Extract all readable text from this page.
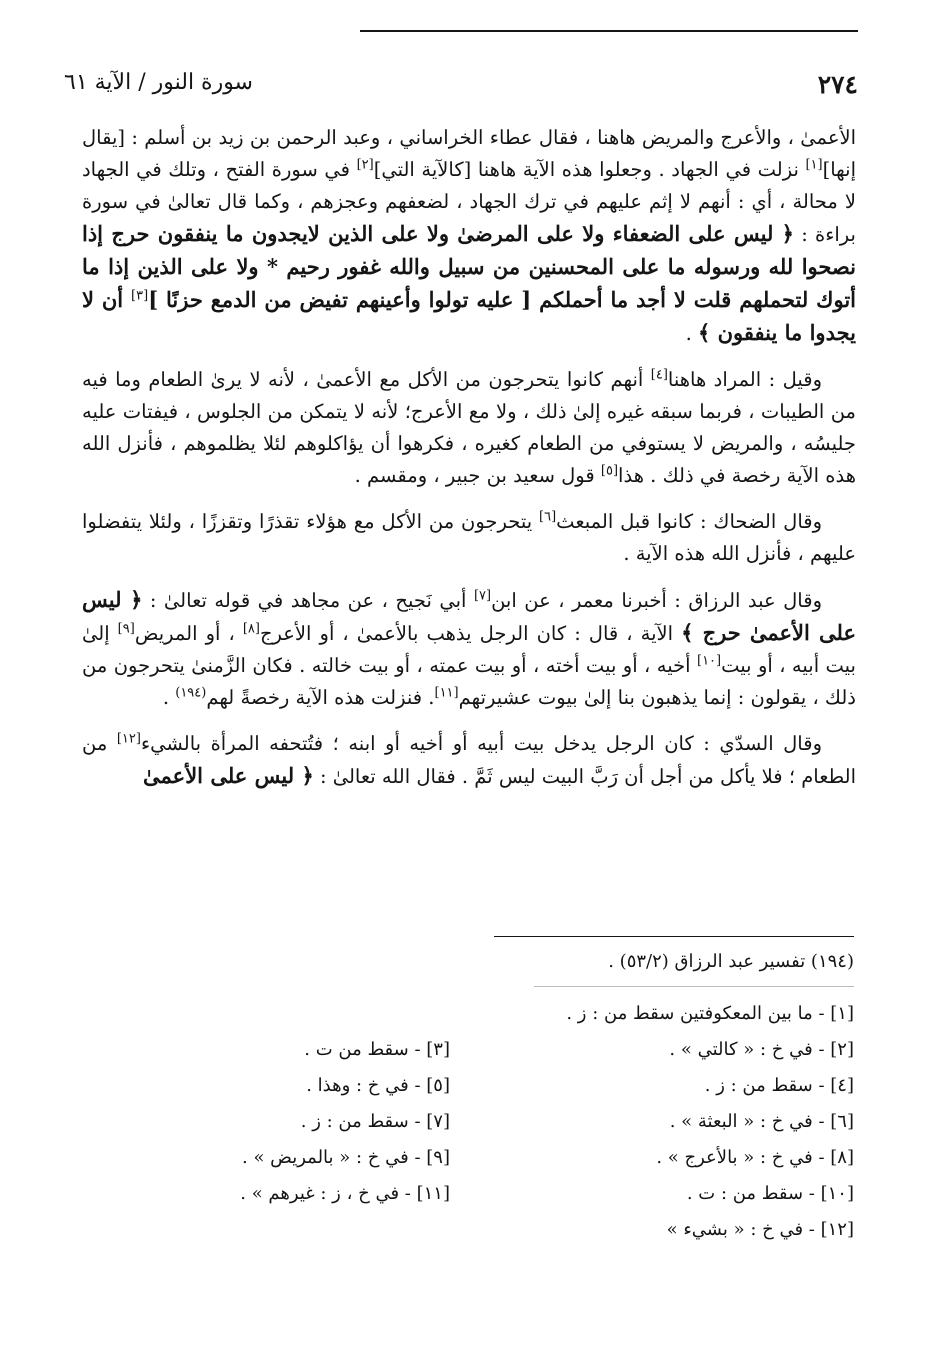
٢٧٤
سورة النور / الآية ٦١

الأعمىٰ ، والأعرج والمريض هاهنا ، فقال عطاء الخراساني ، وعبد الرحمن بن زيد بن أسلم : [يقال إنها][١] نزلت في الجهاد . وجعلوا هذه الآية هاهنا [كالآية التي][٢] في سورة الفتح ، وتلك في الجهاد لا محالة ، أي : أنهم لا إثم عليهم في ترك الجهاد ، لضعفهم وعجزهم ، وكما قال تعالىٰ في سورة براءة : ﴿ ليس على الضعفاء ولا على المرضىٰ ولا على الذين لايجدون ما ينفقون حرج إذا نصحوا لله ورسوله ما على المحسنين من سبيل والله غفور رحيم * ولا على الذين إذا ما أتوك لتحملهم قلت لا أجد ما أحملكم [ عليه تولوا وأعينهم تفيض من الدمع حزنًا ][٣] أن لا يجدوا ما ينفقون ﴾ .

وقيل : المراد هاهنا[٤] أنهم كانوا يتحرجون من الأكل مع الأعمىٰ ، لأنه لا يرىٰ الطعام وما فيه من الطيبات ، فربما سبقه غيره إلىٰ ذلك ، ولا مع الأعرج؛ لأنه لا يتمكن من الجلوس ، فيفتات عليه جليسُه ، والمريض لا يستوفي من الطعام كغيره ، فكرهوا أن يؤاكلوهم لئلا يظلموهم ، فأنزل الله هذه الآية رخصة في ذلك . هذا[٥] قول سعيد بن جبير ، ومقسم .

وقال الضحاك : كانوا قبل المبعث[٦] يتحرجون من الأكل مع هؤلاء تقذرًا وتقززًا ، ولئلا يتفضلوا عليهم ، فأنزل الله هذه الآية .

وقال عبد الرزاق : أخبرنا معمر ، عن ابن[٧] أبي نَجيح ، عن مجاهد في قوله تعالىٰ : ﴿ ليس على الأعمىٰ حرج ﴾ الآية ، قال : كان الرجل يذهب بالأعمىٰ ، أو الأعرج[٨] ، أو المريض[٩] إلىٰ بيت أبيه ، أو بيت[١٠] أخيه ، أو بيت أخته ، أو بيت عمته ، أو بيت خالته . فكان الزَّمنىٰ يتحرجون من ذلك ، يقولون : إنما يذهبون بنا إلىٰ بيوت عشيرتهم[١١]. فنزلت هذه الآية رخصةً لهم$^{(١٩٤)}$ .

وقال السدّي : كان الرجل يدخل بيت أبيه أو أخيه أو ابنه ؛ فتُتحفه المرأة بالشيء[١٢] من الطعام ؛ فلا يأكل من أجل أن رَبَّ البيت ليس ثَمَّ . فقال الله تعالىٰ : ﴿ ليس على الأعمىٰ

(١٩٤) تفسير عبد الرزاق (٥٣/٢) .
[١] - ما بين المعكوفتين سقط من : ز .
[٢] - في خ : « كالتي » .
[٣] - سقط من ت .
[٤] - سقط من : ز .
[٥] - في خ : وهذا .
[٦] - في خ : « البعثة » .
[٧] - سقط من : ز .
[٨] - في خ : « بالأعرج » .
[٩] - في خ : « بالمريض » .
[١٠] - سقط من : ت .
[١١] - في خ ، ز : غيرهم » .
[١٢] - في خ : « بشيء »
